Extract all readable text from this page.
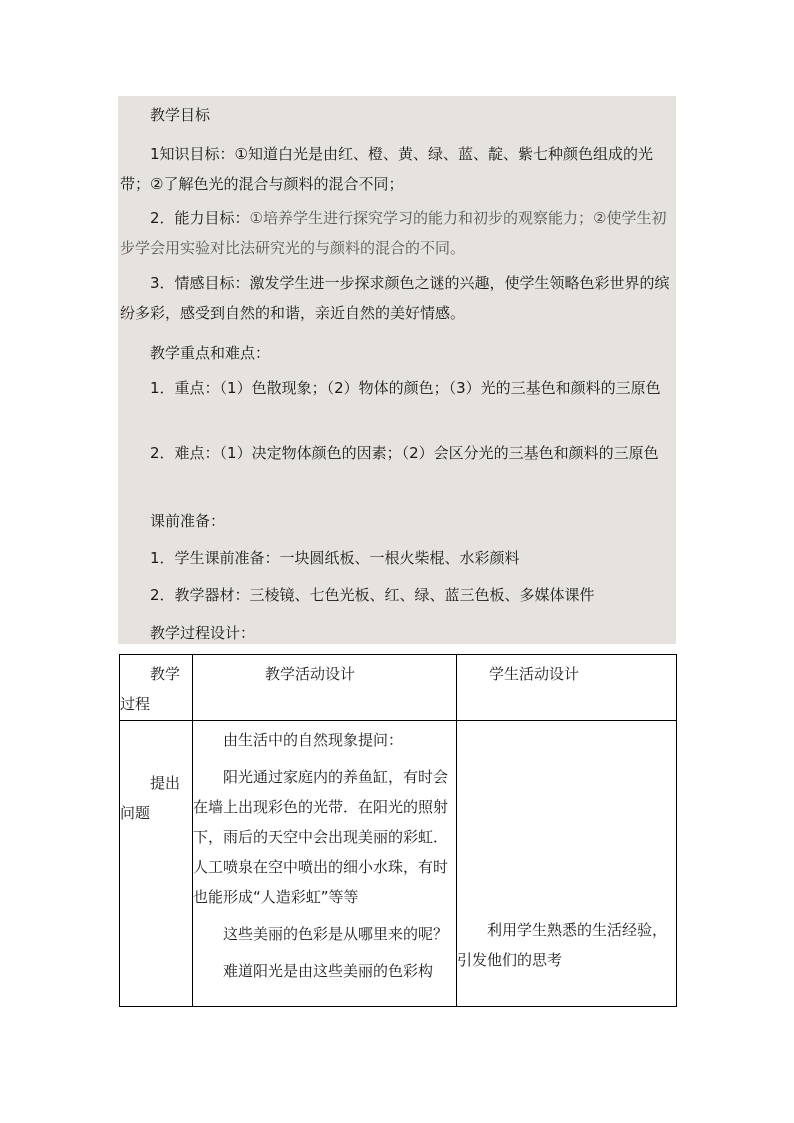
教学目标

1知识目标：①知道白光是由红、橙、黄、绿、蓝、靛、紫七种颜色组成的光带；②了解色光的混合与颜料的混合不同；

2．能力目标：①培养学生进行探究学习的能力和初步的观察能力；②使学生初步学会用实验对比法研究光的与颜料的混合的不同。

3．情感目标：激发学生进一步探求颜色之谜的兴趣，使学生领略色彩世界的缤纷多彩，感受到自然的和谐，亲近自然的美好情感。

教学重点和难点：

1．重点：（1）色散现象；（2）物体的颜色；（3）光的三基色和颜料的三原色

2．难点：（1）决定物体颜色的因素；（2）会区分光的三基色和颜料的三原色

课前准备：

1．学生课前准备：一块圆纸板、一根火柴棍、水彩颜料

2．教学器材：三棱镜、七色光板、红、绿、蓝三色板、多媒体课件

教学过程设计：

教学过程	教学活动设计	学生活动设计

提出问题	由生活中的自然现象提问：
阳光通过家庭内的养鱼缸，有时会在墙上出现彩色的光带．在阳光的照射下，雨后的天空中会出现美丽的彩虹．人工喷泉在空中喷出的细小水珠，有时也能形成“人造彩虹”等等
这些美丽的色彩是从哪里来的呢？
难道阳光是由这些美丽的色彩构	利用学生熟悉的生活经验，引发他们的思考
